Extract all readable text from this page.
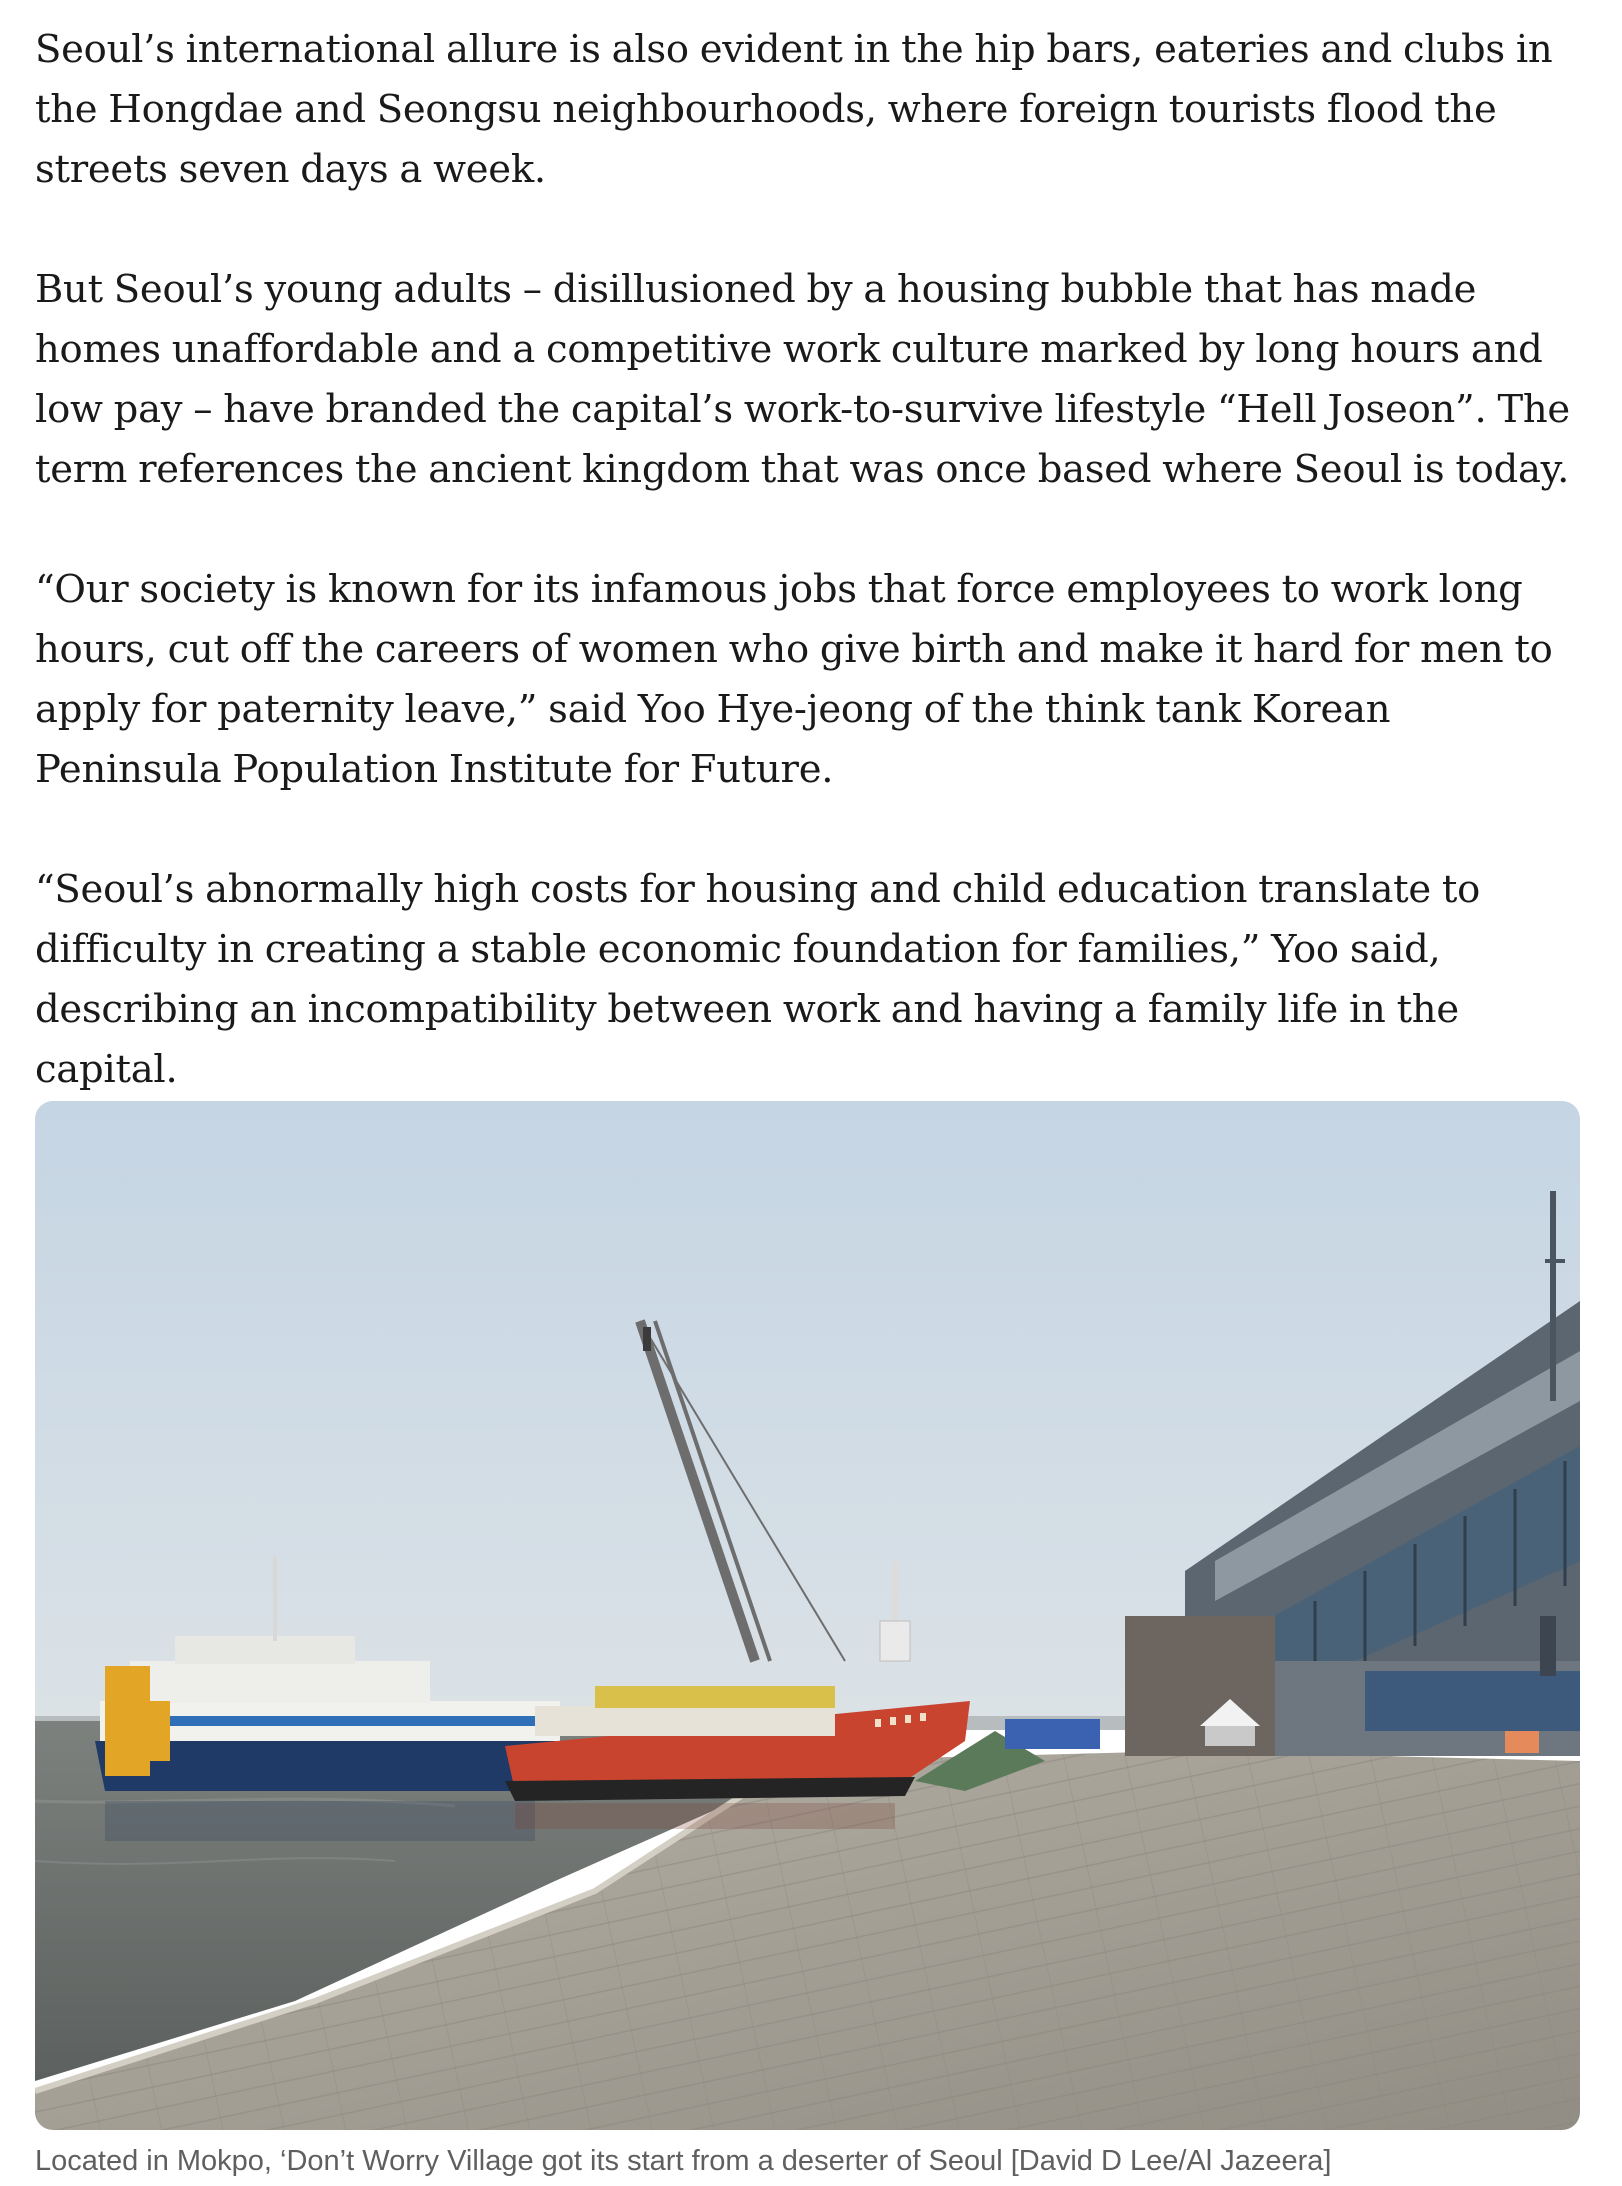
Seoul’s international allure is also evident in the hip bars, eateries and clubs in the Hongdae and Seongsu neighbourhoods, where foreign tourists flood the streets seven days a week.

But Seoul’s young adults – disillusioned by a housing bubble that has made homes unaffordable and a competitive work culture marked by long hours and low pay – have branded the capital’s work-to-survive lifestyle “Hell Joseon”. The term references the ancient kingdom that was once based where Seoul is today.

“Our society is known for its infamous jobs that force employees to work long hours, cut off the careers of women who give birth and make it hard for men to apply for paternity leave,” said Yoo Hye-jeong of the think tank Korean Peninsula Population Institute for Future.

“Seoul’s abnormally high costs for housing and child education translate to difficulty in creating a stable economic foundation for families,” Yoo said, describing an incompatibility between work and having a family life in the capital.

Located in Mokpo, ‘Don’t Worry Village got its start from a deserter of Seoul [David D Lee/Al Jazeera]
